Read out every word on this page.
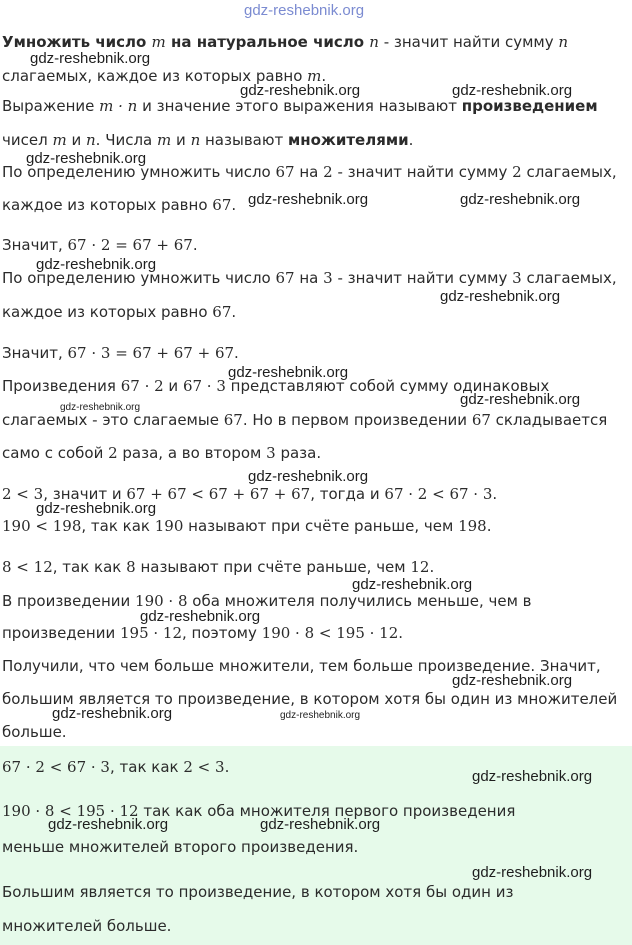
Умножить число m на натуральное число n - значит найти сумму n
слагаемых, каждое из которых равно m.
Выражение m · n и значение этого выражения называют произведением
чисел m и n. Числа m и n называют множителями.
По определению умножить число 67 на 2 - значит найти сумму 2 слагаемых,
каждое из которых равно 67.
Значит, 67 · 2 = 67 + 67.
По определению умножить число 67 на 3 - значит найти сумму 3 слагаемых,
каждое из которых равно 67.
Значит, 67 · 3 = 67 + 67 + 67.
Произведения 67 · 2 и 67 · 3 представляют собой сумму одинаковых
слагаемых - это слагаемые 67. Но в первом произведении 67 складывается
само с собой 2 раза, а во втором 3 раза.
2 < 3, значит и 67 + 67 < 67 + 67 + 67, тогда и 67 · 2 < 67 · 3.
190 < 198, так как 190 называют при счёте раньше, чем 198.
8 < 12, так как 8 называют при счёте раньше, чем 12.
В произведении 190 · 8 оба множителя получились меньше, чем в
произведении 195 · 12, поэтому 190 · 8 < 195 · 12.
Получили, что чем больше множители, тем больше произведение. Значит,
большим является то произведение, в котором хотя бы один из множителей
больше.
67 · 2 < 67 · 3, так как 2 < 3.
190 · 8 < 195 · 12 так как оба множителя первого произведения
меньше множителей второго произведения.
Большим является то произведение, в котором хотя бы один из
множителей больше.
gdz-reshebnik.org
gdz-reshebnik.org
gdz-reshebnik.org	gdz-reshebnik.org
gdz-reshebnik.org
gdz-reshebnik.org	gdz-reshebnik.org
gdz-reshebnik.org
gdz-reshebnik.org
gdz-reshebnik.org
gdz-reshebnik.org	gdz-reshebnik.org
gdz-reshebnik.org
gdz-reshebnik.org
gdz-reshebnik.org
gdz-reshebnik.org
gdz-reshebnik.org
gdz-reshebnik.org	gdz-reshebnik.org
gdz-reshebnik.org
gdz-reshebnik.org	gdz-reshebnik.org
gdz-reshebnik.org
